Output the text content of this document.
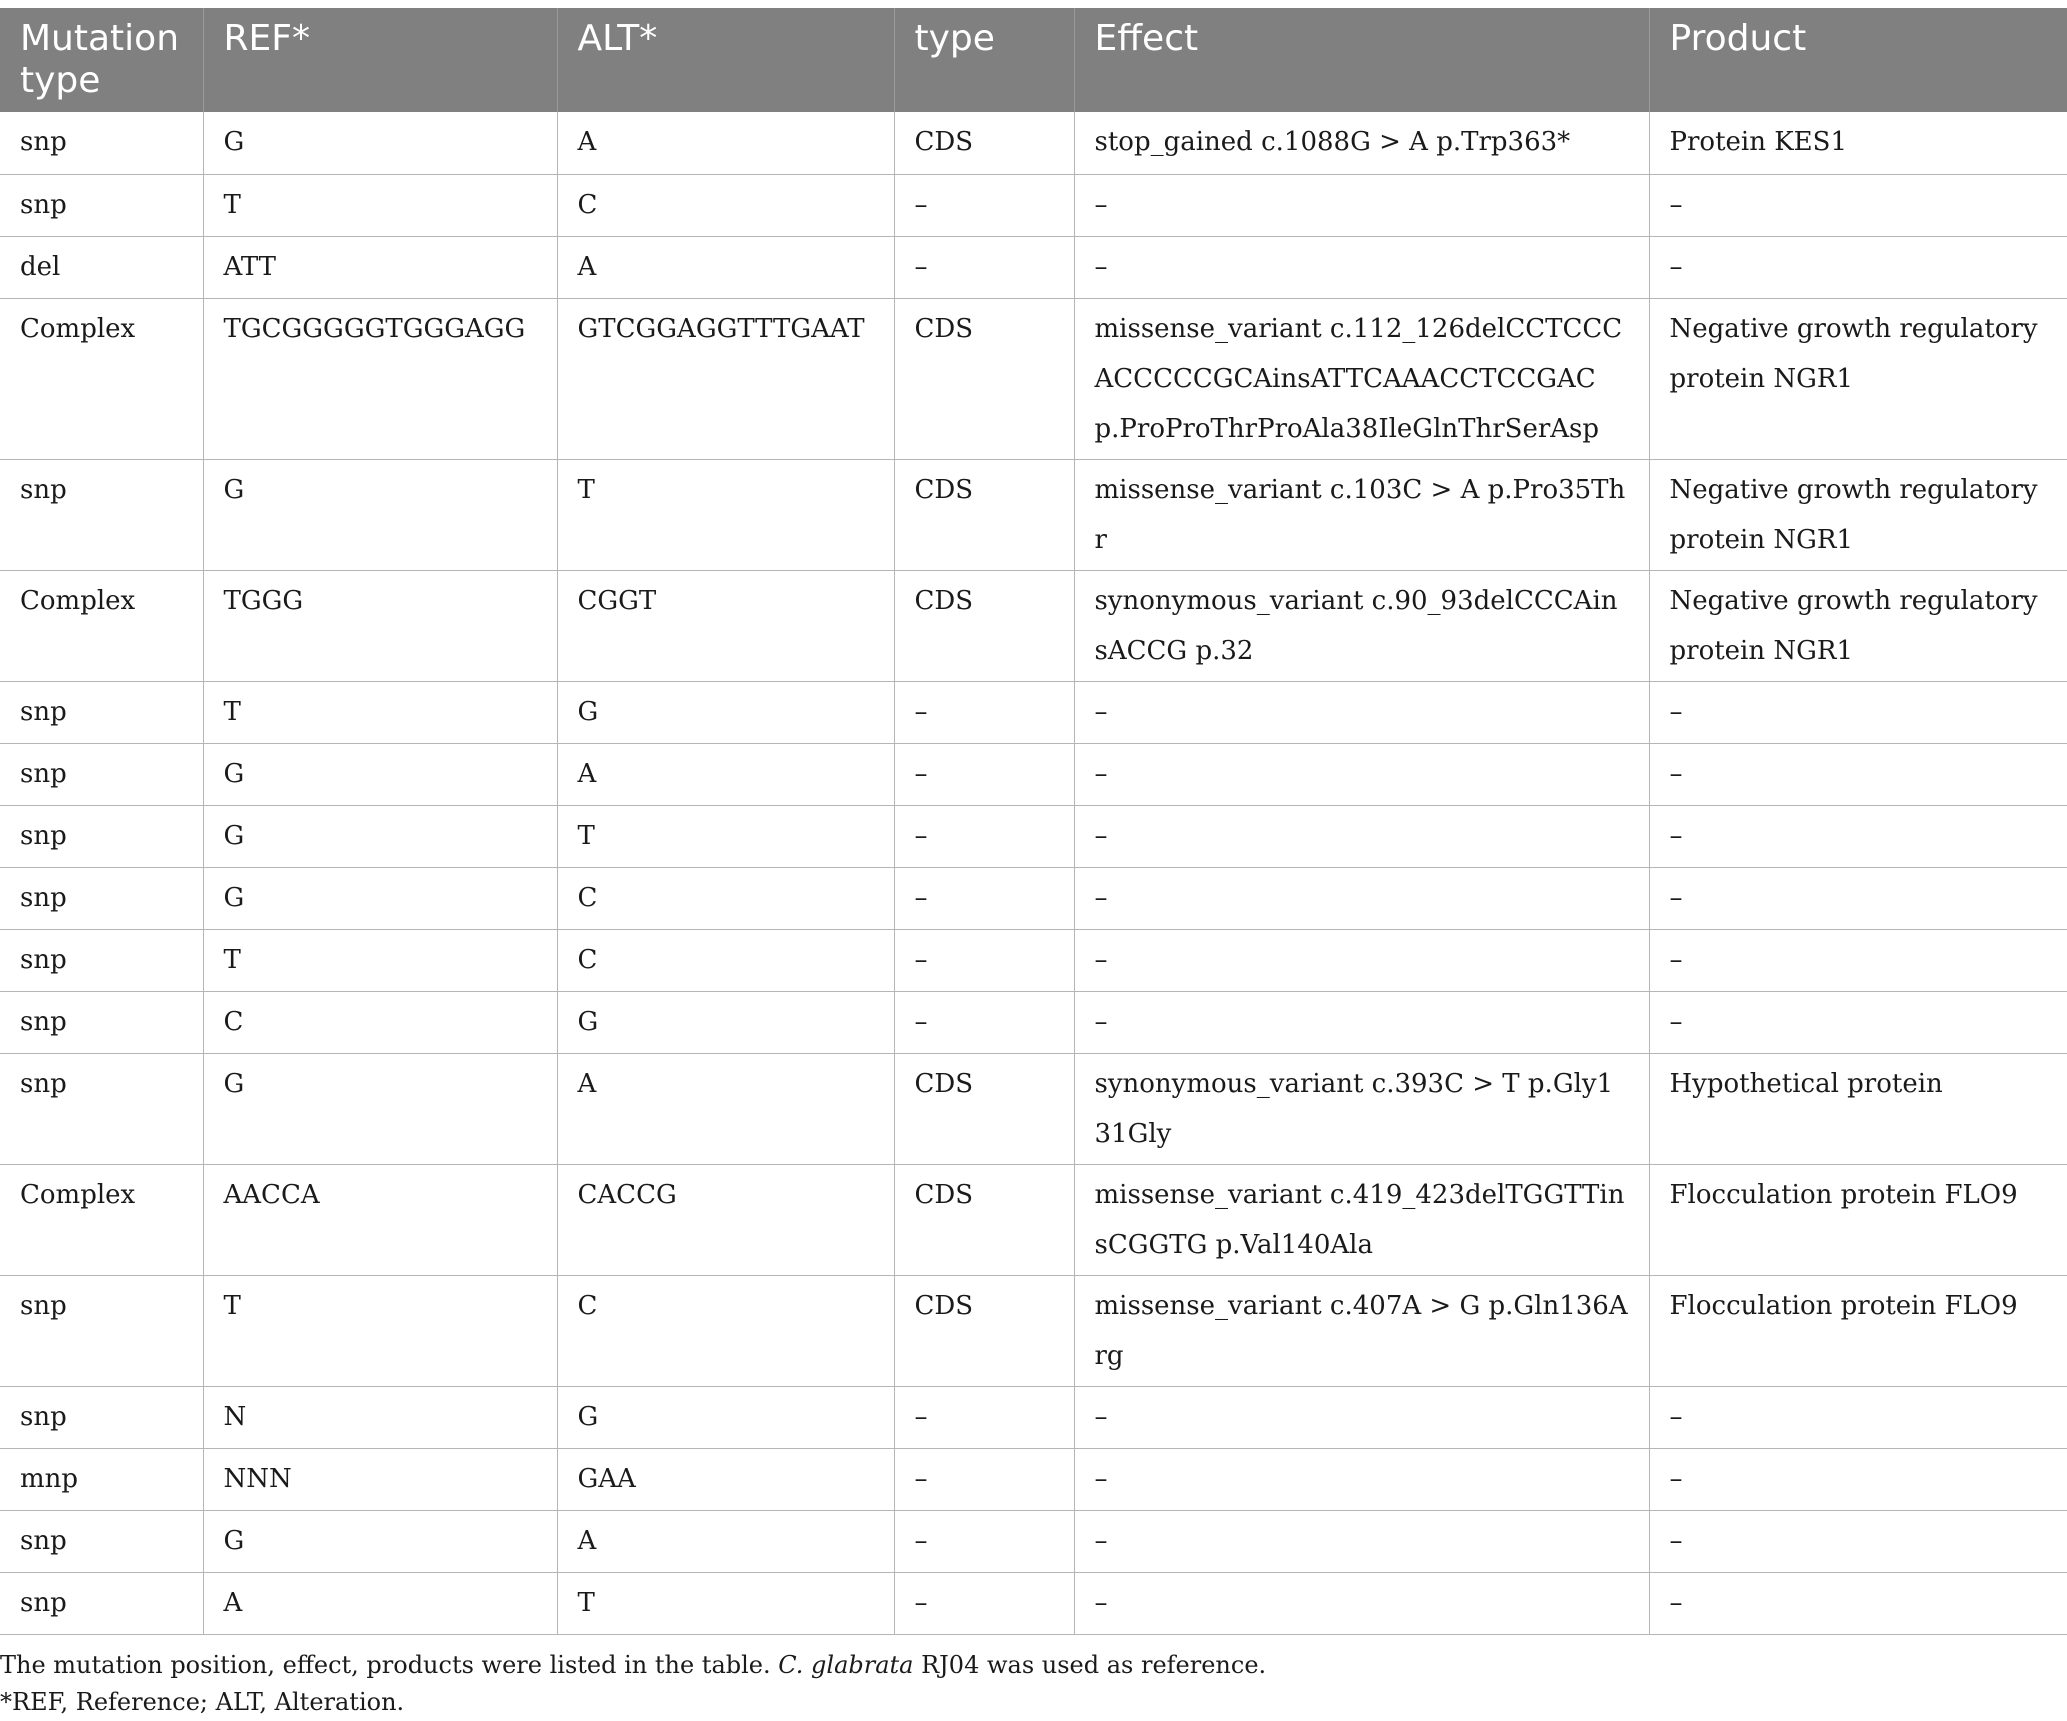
Mutation type	REF*	ALT*	type	Effect	Product
snp	G	A	CDS	stop_gained c.1088G > A p.Trp363*	Protein KES1
snp	T	C	–	–	–
del	ATT	A	–	–	–
Complex	TGCGGGGGTGGGAGG	GTCGGAGGTTTGAAT	CDS	missense_variant c.112_126delCCTCCCACCCCCGCAinsATTCAAACCTCCGAC p.ProProThrProAla38IleGlnThrSerAsp	Negative growth regulatory protein NGR1
snp	G	T	CDS	missense_variant c.103C > A p.Pro35Thr	Negative growth regulatory protein NGR1
Complex	TGGG	CGGT	CDS	synonymous_variant c.90_93delCCCAinsACCG p.32	Negative growth regulatory protein NGR1
snp	T	G	–	–	–
snp	G	A	–	–	–
snp	G	T	–	–	–
snp	G	C	–	–	–
snp	T	C	–	–	–
snp	C	G	–	–	–
snp	G	A	CDS	synonymous_variant c.393C > T p.Gly131Gly	Hypothetical protein
Complex	AACCA	CACCG	CDS	missense_variant c.419_423delTGGTTinsCGGTG p.Val140Ala	Flocculation protein FLO9
snp	T	C	CDS	missense_variant c.407A > G p.Gln136Arg	Flocculation protein FLO9
snp	N	G	–	–	–
mnp	NNN	GAA	–	–	–
snp	G	A	–	–	–
snp	A	T	–	–	–
The mutation position, effect, products were listed in the table. C. glabrata RJ04 was used as reference.
*REF, Reference; ALT, Alteration.
